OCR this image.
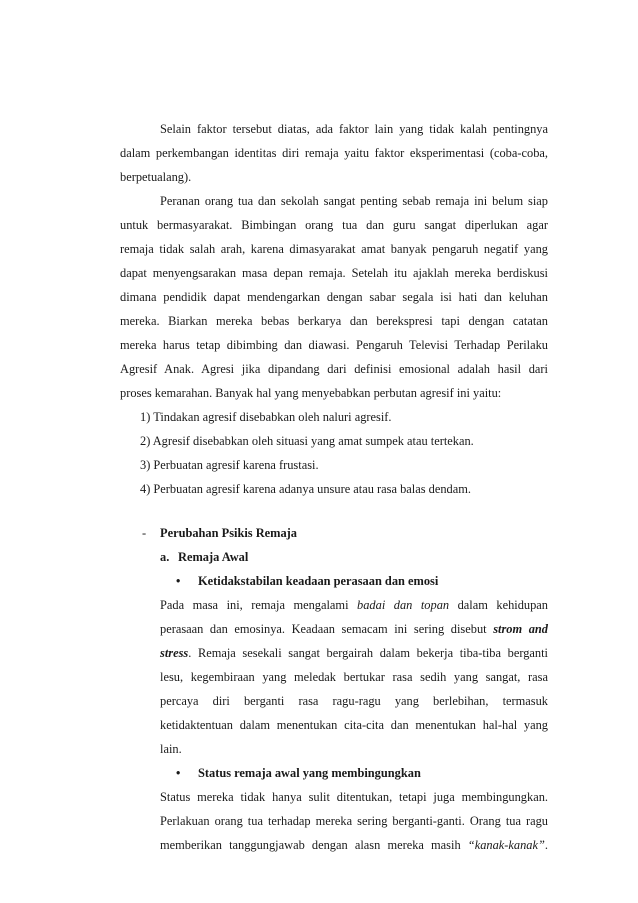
Selain faktor tersebut diatas, ada faktor lain yang tidak kalah pentingnya
dalam perkembangan identitas diri remaja yaitu faktor eksperimentasi (coba-coba,
berpetualang).
Peranan orang tua dan sekolah sangat penting sebab remaja ini belum siap
untuk bermasyarakat. Bimbingan orang tua dan guru sangat diperlukan agar
remaja tidak salah arah, karena dimasyarakat amat banyak pengaruh negatif yang
dapat menyengsarakan masa depan remaja. Setelah itu ajaklah mereka berdiskusi
dimana pendidik dapat mendengarkan dengan sabar segala isi hati dan keluhan
mereka. Biarkan mereka bebas berkarya dan berekspresi tapi dengan catatan
mereka harus tetap dibimbing dan diawasi. Pengaruh Televisi Terhadap Perilaku
Agresif Anak. Agresi jika dipandang dari definisi emosional adalah hasil dari
proses kemarahan. Banyak hal yang menyebabkan perbutan agresif ini yaitu:
1) Tindakan agresif disebabkan oleh naluri agresif.
2) Agresif disebabkan oleh situasi yang amat sumpek atau tertekan.
3) Perbuatan agresif karena frustasi.
4) Perbuatan agresif karena adanya unsure atau rasa balas dendam.
- Perubahan Psikis Remaja
a. Remaja Awal
• Ketidakstabilan keadaan perasaan dan emosi
Pada masa ini, remaja mengalami badai dan topan dalam kehidupan
perasaan dan emosinya. Keadaan semacam ini sering disebut strom and
stress. Remaja sesekali sangat bergairah dalam bekerja tiba-tiba berganti
lesu, kegembiraan yang meledak bertukar rasa sedih yang sangat, rasa
percaya diri berganti rasa ragu-ragu yang berlebihan, termasuk
ketidaktentuan dalam menentukan cita-cita dan menentukan hal-hal yang
lain.
• Status remaja awal yang membingungkan
Status mereka tidak hanya sulit ditentukan, tetapi juga membingungkan.
Perlakuan orang tua terhadap mereka sering berganti-ganti. Orang tua ragu
memberikan tanggungjawab dengan alasn mereka masih “kanak-kanak”.
